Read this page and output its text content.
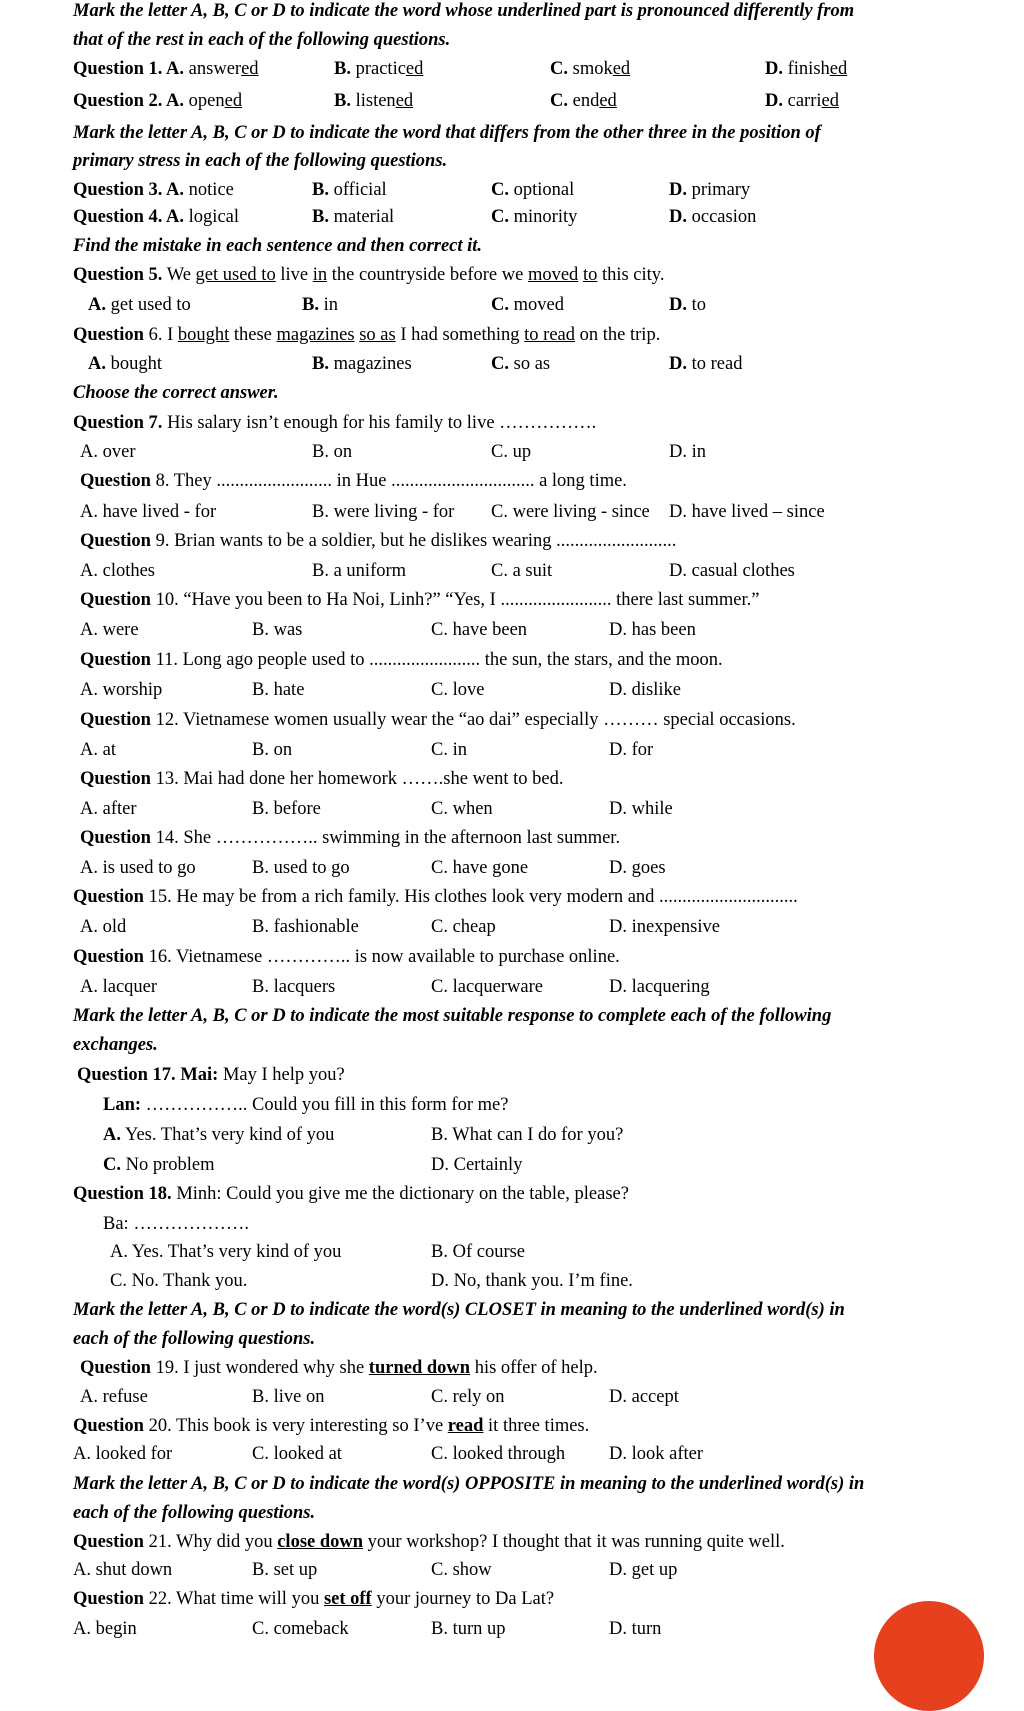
Mark the letter A, B, C or D to indicate the word whose underlined part is pronounced differently from
that of the rest in each of the following questions.
Question 1. A. answered	B. practiced	C. smoked	D. finished
Question 2. A. opened	B. listened	C. ended	D. carried
Mark the letter A, B, C or D to indicate the word that differs from the other three in the position of
primary stress in each of the following questions.
Question 3. A. notice	B. official	C. optional	D. primary
Question 4. A. logical	B. material	C. minority	D. occasion
Find the mistake in each sentence and then correct it.
Question 5. We get used to live in the countryside before we moved to this city.
A. get used to	B. in	C. moved	D. to
Question 6. I bought these magazines so as I had something to read on the trip.
A. bought	B. magazines	C. so as	D. to read
Choose the correct answer.
Question 7. His salary isn’t enough for his family to live …………….
A. over	B. on	C. up	D. in
Question 8. They ......................... in Hue ............................... a long time.
A. have lived - for	B. were living - for C. were living - since D. have lived – since
Question 9. Brian wants to be a soldier, but he dislikes wearing ..........................
A. clothes	B. a uniform	C. a suit	D. casual clothes
Question 10. “Have you been to Ha Noi, Linh?” “Yes, I ........................ there last summer.”
A. were	B. was	C. have been	D. has been
Question 11. Long ago people used to ........................ the sun, the stars, and the moon.
A. worship	B. hate	C. love	D. dislike
Question 12. Vietnamese women usually wear the “ao dai” especially ……… special occasions.
A. at	B. on	C. in	D. for
Question 13. Mai had done her homework …….she went to bed.
A. after	B. before	C. when	D. while
Question 14. She …………….. swimming in the afternoon last summer.
A. is used to go	B. used to go	C. have gone	D. goes
Question 15. He may be from a rich family. His clothes look very modern and ..............................
A. old	B. fashionable	C. cheap	D. inexpensive
Question 16. Vietnamese ………….. is now available to purchase online.
A. lacquer	B. lacquers	C. lacquerware	D. lacquering
Mark the letter A, B, C or D to indicate the most suitable response to complete each of the following
exchanges.
Question 17. Mai: May I help you?
Lan: …………….. Could you fill in this form for me?
A. Yes. That’s very kind of you	B. What can I do for you?
C. No problem	D. Certainly
Question 18. Minh: Could you give me the dictionary on the table, please?
Ba: ……………….
A. Yes. That’s very kind of you	B. Of course
C. No. Thank you.	D. No, thank you. I’m fine.
Mark the letter A, B, C or D to indicate the word(s) CLOSET in meaning to the underlined word(s) in
each of the following questions.
Question 19. I just wondered why she turned down his offer of help.
A. refuse	B. live on	C. rely on	D. accept
Question 20. This book is very interesting so I’ve read it three times.
A. looked for	C. looked at	C. looked through D. look after
Mark the letter A, B, C or D to indicate the word(s) OPPOSITE in meaning to the underlined word(s) in
each of the following questions.
Question 21. Why did you close down your workshop? I thought that it was running quite well.
A. shut down	B. set up	C. show	D. get up
Question 22. What time will you set off your journey to Da Lat?
A. begin	C. comeback	B. turn up	D. turn
